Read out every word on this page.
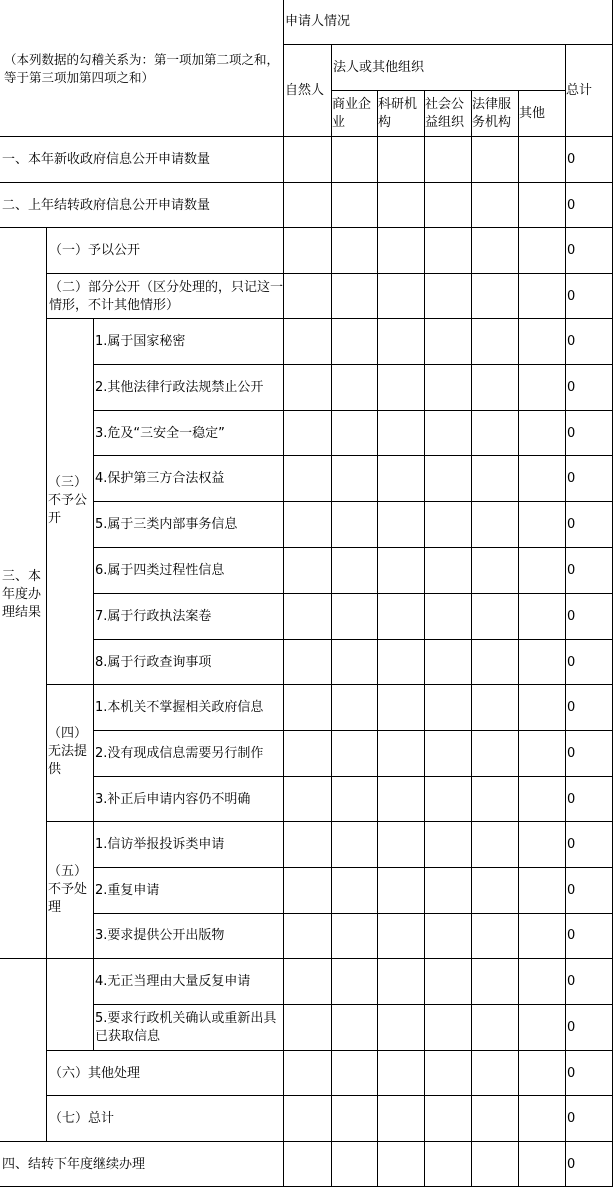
（本列数据的勾稽关系为：第一项加第二项之和，等于第三项加第四项之和）
申请人情况
自然人
法人或其他组织
商业企业
科研机构
社会公益组织
法律服务机构
其他
总计
一、本年新收政府信息公开申请数量
二、上年结转政府信息公开申请数量
三、本年度办理结果
（一）予以公开
（二）部分公开（区分处理的，只记这一情形，不计其他情形）
（三）不予公开
（四）无法提供
（五）不予处理
1.属于国家秘密
2.其他法律行政法规禁止公开
3.危及“三安全一稳定”
4.保护第三方合法权益
5.属于三类内部事务信息
6.属于四类过程性信息
7.属于行政执法案卷
8.属于行政查询事项
1.本机关不掌握相关政府信息
2.没有现成信息需要另行制作
3.补正后申请内容仍不明确
1.信访举报投诉类申请
2.重复申请
3.要求提供公开出版物
4.无正当理由大量反复申请
5.要求行政机关确认或重新出具已获取信息
（六）其他处理
（七）总计
四、结转下年度继续办理
0
0
0
0
0
0
0
0
0
0
0
0
0
0
0
0
0
0
0
0
0
0
0
